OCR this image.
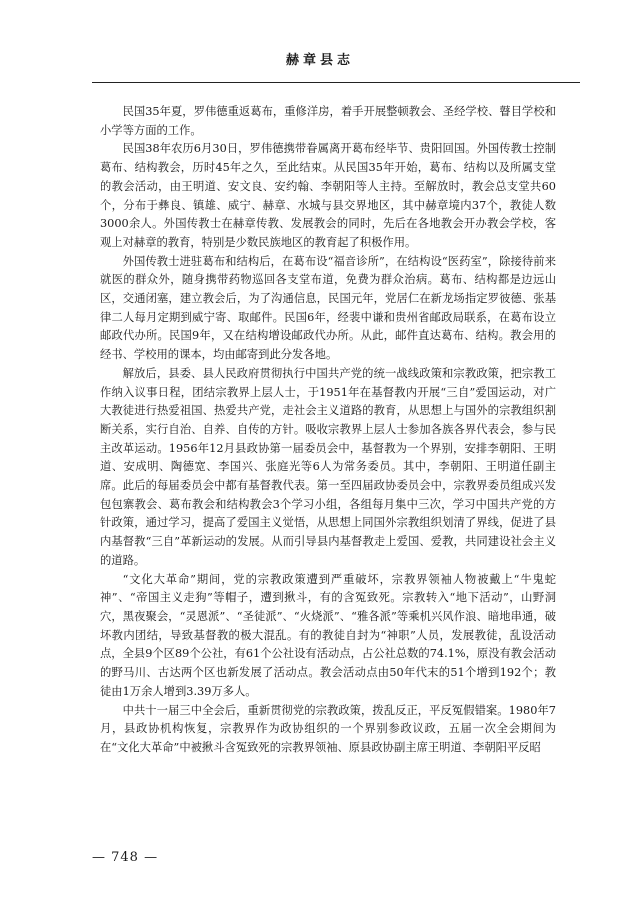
赫章县志

民国35年夏，罗伟德重返葛布，重修洋房，着手开展整顿教会、圣经学校、瞽目学校和小学等方面的工作。

民国38年农历6月30日，罗伟德携带眷属离开葛布经毕节、贵阳回国。外国传教士控制葛布、结构教会，历时45年之久，至此结束。从民国35年开始，葛布、结构以及所属支堂的教会活动，由王明道、安文良、安约翰、李朝阳等人主持。至解放时，教会总支堂共60个，分布于彝良、镇雄、威宁、赫章、水城与县交界地区，其中赫章境内37个，教徒人数3000余人。外国传教士在赫章传教、发展教会的同时，先后在各地教会开办教会学校，客观上对赫章的教育，特别是少数民族地区的教育起了积极作用。

外国传教士进驻葛布和结构后，在葛布设“福音诊所”，在结构设“医药室”，除接待前来就医的群众外，随身携带药物巡回各支堂布道，免费为群众治病。葛布、结构都是边远山区，交通闭塞，建立教会后，为了沟通信息，民国元年，党居仁在新龙场指定罗彼德、张基律二人每月定期到威宁寄、取邮件。民国6年，经裴中谦和贵州省邮政局联系，在葛布设立邮政代办所。民国9年，又在结构增设邮政代办所。从此，邮件直达葛布、结构。教会用的经书、学校用的课本，均由邮寄到此分发各地。

解放后，县委、县人民政府贯彻执行中国共产党的统一战线政策和宗教政策，把宗教工作纳入议事日程，团结宗教界上层人士，于1951年在基督教内开展“三自”爱国运动，对广大教徒进行热爱祖国、热爱共产党，走社会主义道路的教育，从思想上与国外的宗教组织割断关系，实行自治、自养、自传的方针。吸收宗教界上层人士参加各族各界代表会，参与民主改革运动。1956年12月县政协第一届委员会中，基督教为一个界别，安排李朝阳、王明道、安成明、陶德宽、李国兴、张庭光等6人为常务委员。其中，李朝阳、王明道任副主席。此后的每届委员会中都有基督教代表。第一至四届政协委员会中，宗教界委员组成兴发包包寨教会、葛布教会和结构教会3个学习小组，各组每月集中三次，学习中国共产党的方针政策，通过学习，提高了爱国主义觉悟，从思想上同国外宗教组织划清了界线，促进了县内基督教“三自”革新运动的发展。从而引导县内基督教走上爱国、爱教，共同建设社会主义的道路。

“文化大革命”期间，党的宗教政策遭到严重破坏，宗教界领袖人物被戴上“牛鬼蛇神”、“帝国主义走狗”等帽子，遭到揪斗，有的含冤致死。宗教转入“地下活动”，山野洞穴，黑夜聚会，“灵恩派”、“圣徒派”、“火烧派”、“雅各派”等乘机兴风作浪、暗地串通，破坏教内团结，导致基督教的极大混乱。有的教徒自封为“神职”人员，发展教徒，乱设活动点，全县9个区89个公社，有61个公社设有活动点，占公社总数的74.1%，原没有教会活动的野马川、古达两个区也新发展了活动点。教会活动点由50年代末的51个增到192个；教徒由1万余人增到3.39万多人。

中共十一届三中全会后，重新贯彻党的宗教政策，拨乱反正，平反冤假错案。1980年7月，县政协机构恢复，宗教界作为政协组织的一个界别参政议政，五届一次全会期间为在“文化大革命”中被揪斗含冤致死的宗教界领袖、原县政协副主席王明道、李朝阳平反昭

— 748 —
